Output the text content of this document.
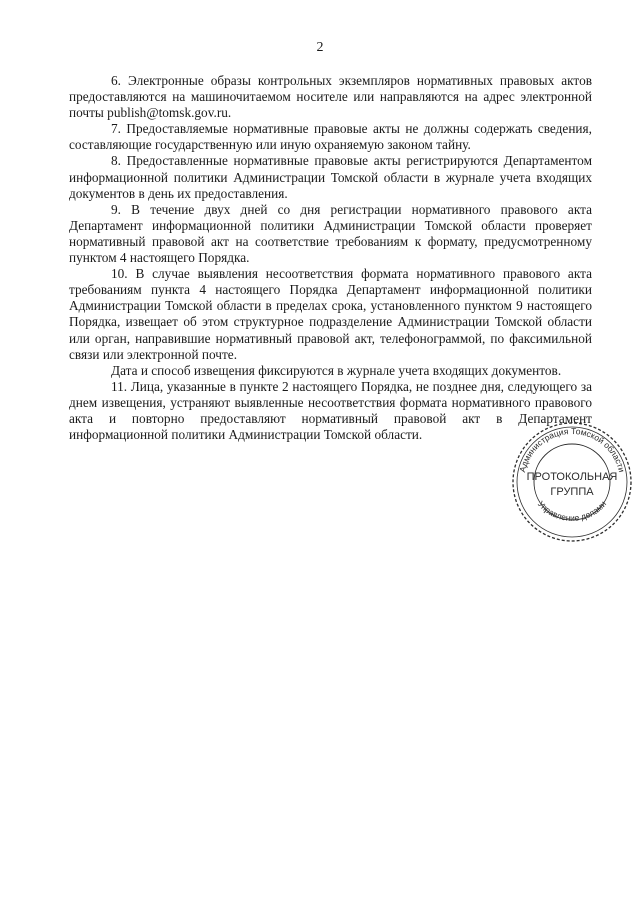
2

6. Электронные образы контрольных экземпляров нормативных правовых актов предоставляются на машиночитаемом носителе или направляются на адрес электронной почты publish@tomsk.gov.ru.

7. Предоставляемые нормативные правовые акты не должны содержать сведения, составляющие государственную или иную охраняемую законом тайну.

8. Предоставленные нормативные правовые акты регистрируются Департаментом информационной политики Администрации Томской области в журнале учета входящих документов в день их предоставления.

9. В течение двух дней со дня регистрации нормативного правового акта Департамент информационной политики Администрации Томской области проверяет нормативный правовой акт на соответствие требованиям к формату, предусмотренному пунктом 4 настоящего Порядка.

10. В случае выявления несоответствия формата нормативного правового акта требованиям пункта 4 настоящего Порядка Департамент информационной политики Администрации Томской области в пределах срока, установленного пунктом 9 настоящего Порядка, извещает об этом структурное подразделение Администрации Томской области или орган, направившие нормативный правовой акт, телефонограммой, по факсимильной связи или электронной почте.

Дата и способ извещения фиксируются в журнале учета входящих документов.

11. Лица, указанные в пункте 2 настоящего Порядка, не позднее дня, следующего за днем извещения, устраняют выявленные несоответствия формата нормативного правового акта и повторно предоставляют нормативный правовой акт в Департамент информационной политики Администрации Томской области.

Администрация Томской области
Управление делами
ПРОТОКОЛЬНАЯ
ГРУППА
